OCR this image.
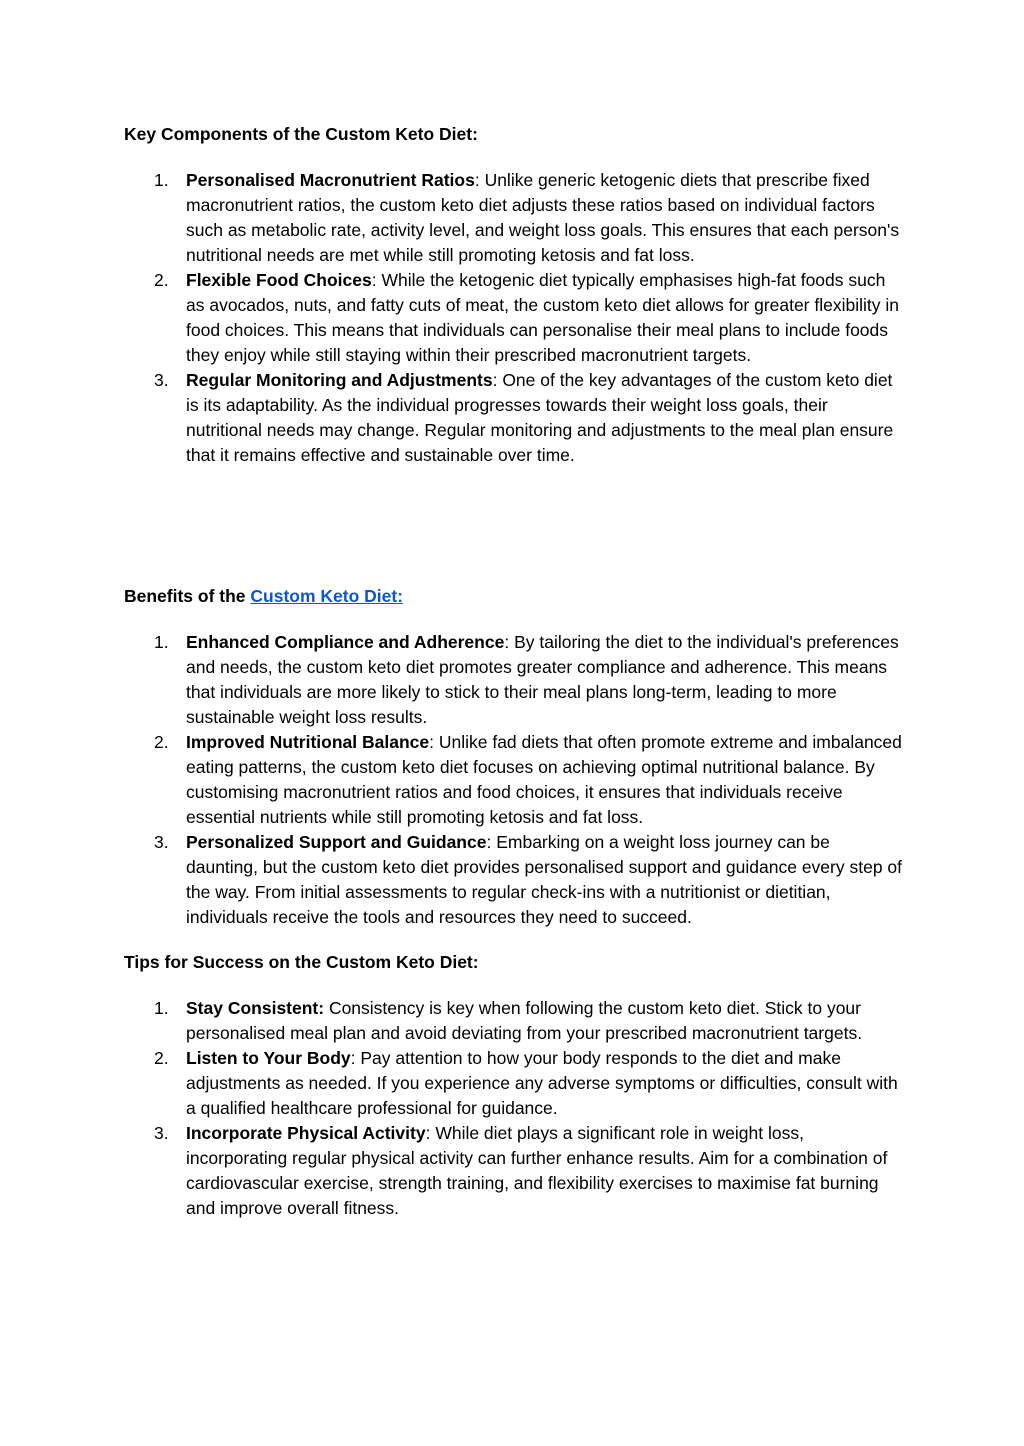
Key Components of the Custom Keto Diet:
1. Personalised Macronutrient Ratios: Unlike generic ketogenic diets that prescribe fixed macronutrient ratios, the custom keto diet adjusts these ratios based on individual factors such as metabolic rate, activity level, and weight loss goals. This ensures that each person's nutritional needs are met while still promoting ketosis and fat loss.
2. Flexible Food Choices: While the ketogenic diet typically emphasises high-fat foods such as avocados, nuts, and fatty cuts of meat, the custom keto diet allows for greater flexibility in food choices. This means that individuals can personalise their meal plans to include foods they enjoy while still staying within their prescribed macronutrient targets.
3. Regular Monitoring and Adjustments: One of the key advantages of the custom keto diet is its adaptability. As the individual progresses towards their weight loss goals, their nutritional needs may change. Regular monitoring and adjustments to the meal plan ensure that it remains effective and sustainable over time.
Benefits of the Custom Keto Diet:
1. Enhanced Compliance and Adherence: By tailoring the diet to the individual's preferences and needs, the custom keto diet promotes greater compliance and adherence. This means that individuals are more likely to stick to their meal plans long-term, leading to more sustainable weight loss results.
2. Improved Nutritional Balance: Unlike fad diets that often promote extreme and imbalanced eating patterns, the custom keto diet focuses on achieving optimal nutritional balance. By customising macronutrient ratios and food choices, it ensures that individuals receive essential nutrients while still promoting ketosis and fat loss.
3. Personalized Support and Guidance: Embarking on a weight loss journey can be daunting, but the custom keto diet provides personalised support and guidance every step of the way. From initial assessments to regular check-ins with a nutritionist or dietitian, individuals receive the tools and resources they need to succeed.
Tips for Success on the Custom Keto Diet:
1. Stay Consistent: Consistency is key when following the custom keto diet. Stick to your personalised meal plan and avoid deviating from your prescribed macronutrient targets.
2. Listen to Your Body: Pay attention to how your body responds to the diet and make adjustments as needed. If you experience any adverse symptoms or difficulties, consult with a qualified healthcare professional for guidance.
3. Incorporate Physical Activity: While diet plays a significant role in weight loss, incorporating regular physical activity can further enhance results. Aim for a combination of cardiovascular exercise, strength training, and flexibility exercises to maximise fat burning and improve overall fitness.
